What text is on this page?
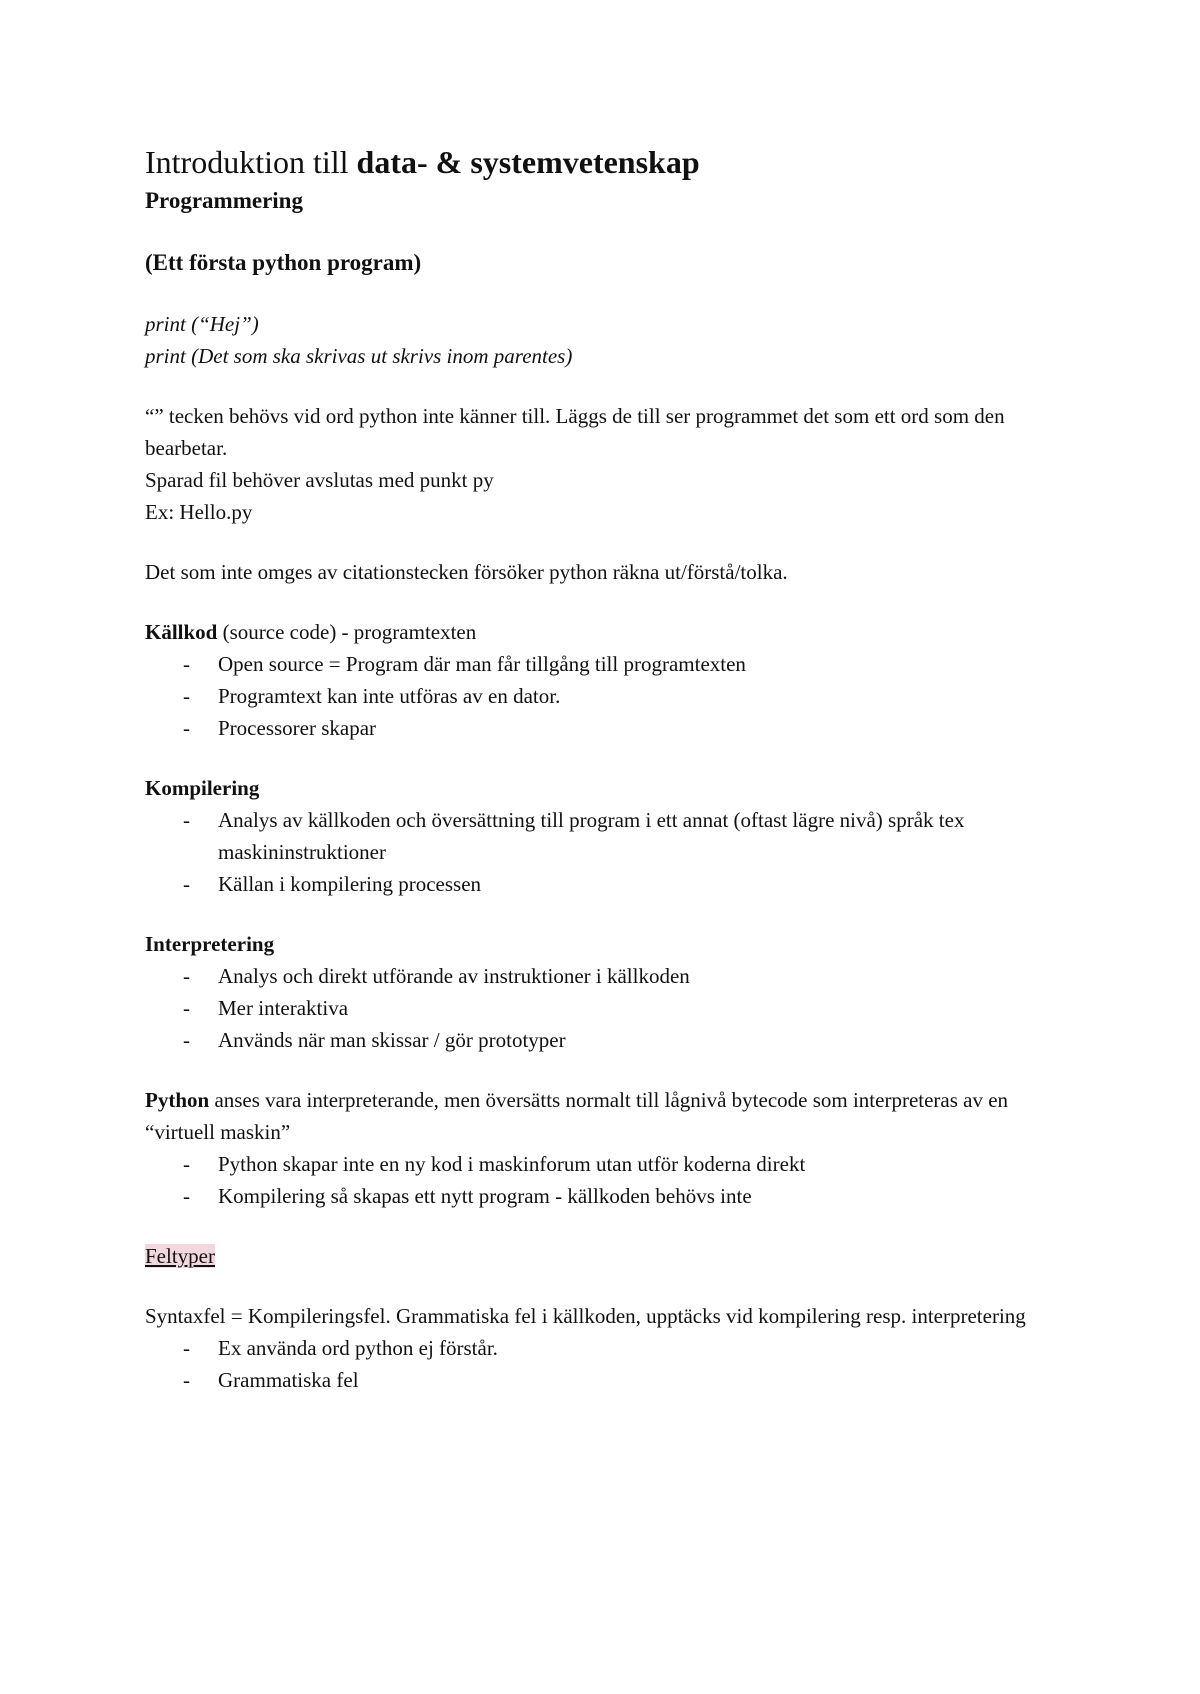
Introduktion till data- & systemvetenskap

Programmering

(Ett första python program)

print (“Hej”)

print (Det som ska skrivas ut skrivs inom parentes)

“” tecken behövs vid ord python inte känner till. Läggs de till ser programmet det som ett ord som den bearbetar.

Sparad fil behöver avslutas med punkt py

Ex: Hello.py

Det som inte omges av citationstecken försöker python räkna ut/förstå/tolka.

Källkod (source code) - programtexten

- Open source = Program där man får tillgång till programtexten
- Programtext kan inte utföras av en dator.
- Processorer skapar

Kompilering

- Analys av källkoden och översättning till program i ett annat (oftast lägre nivå) språk tex maskininstruktioner
- Källan i kompilering processen

Interpretering

- Analys och direkt utförande av instruktioner i källkoden
- Mer interaktiva
- Används när man skissar / gör prototyper

Python anses vara interpreterande, men översätts normalt till lågnivå bytecode som interpreteras av en “virtuell maskin”

- Python skapar inte en ny kod i maskinforum utan utför koderna direkt
- Kompilering så skapas ett nytt program - källkoden behövs inte

Feltyper

Syntaxfel = Kompileringsfel. Grammatiska fel i källkoden, upptäcks vid kompilering resp. interpretering

- Ex använda ord python ej förstår.
- Grammatiska fel
